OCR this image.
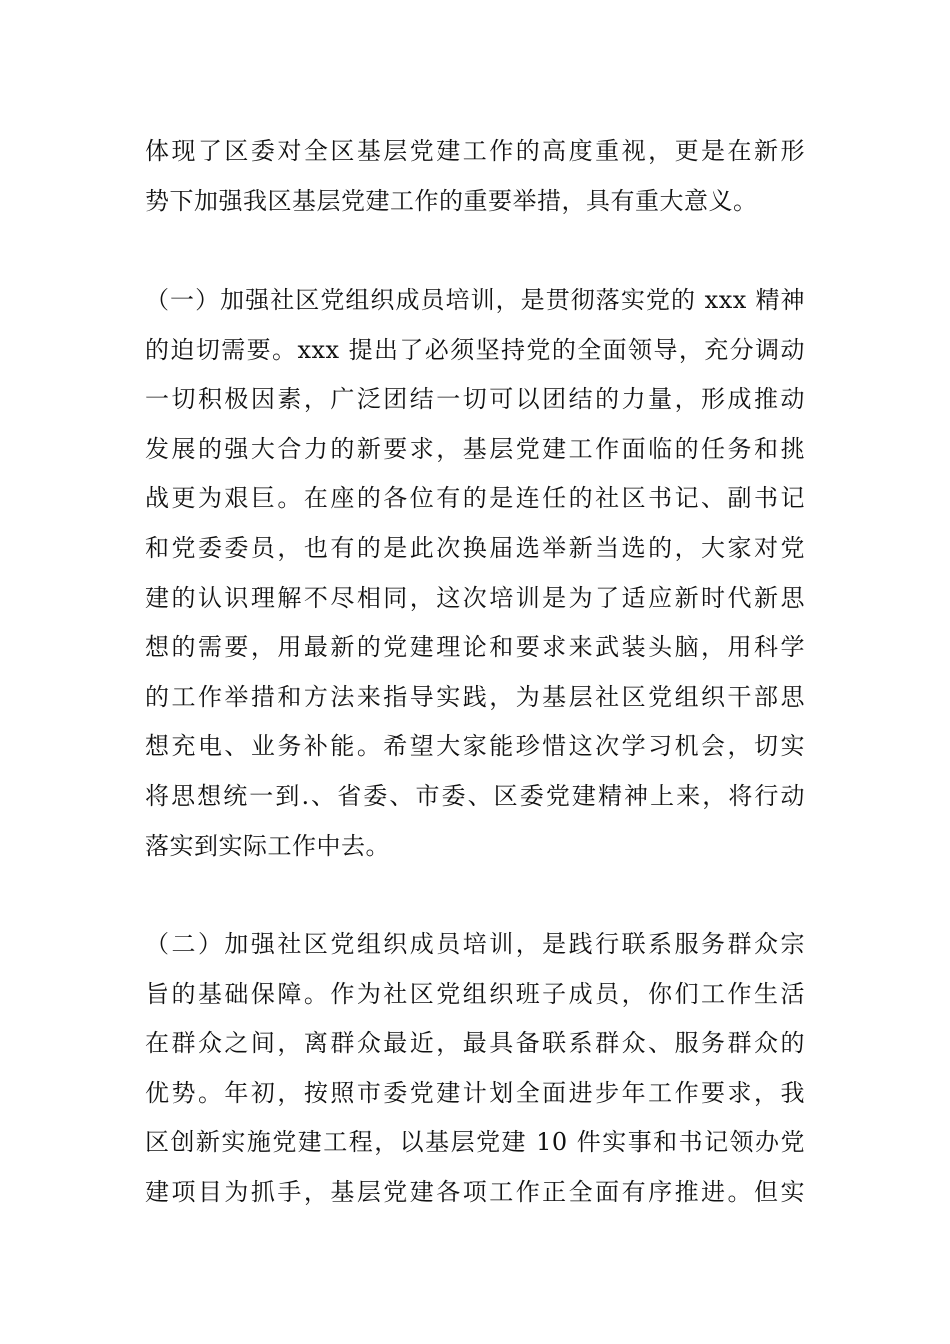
体现了区委对全区基层党建工作的高度重视，更是在新形
势下加强我区基层党建工作的重要举措，具有重大意义。
（一）加强社区党组织成员培训，是贯彻落实党的 xxx 精神
的迫切需要。xxx 提出了必须坚持党的全面领导，充分调动
一切积极因素，广泛团结一切可以团结的力量，形成推动
发展的强大合力的新要求，基层党建工作面临的任务和挑
战更为艰巨。在座的各位有的是连任的社区书记、副书记
和党委委员，也有的是此次换届选举新当选的，大家对党
建的认识理解不尽相同，这次培训是为了适应新时代新思
想的需要，用最新的党建理论和要求来武装头脑，用科学
的工作举措和方法来指导实践，为基层社区党组织干部思
想充电、业务补能。希望大家能珍惜这次学习机会，切实
将思想统一到.、省委、市委、区委党建精神上来，将行动
落实到实际工作中去。
（二）加强社区党组织成员培训，是践行联系服务群众宗
旨的基础保障。作为社区党组织班子成员，你们工作生活
在群众之间，离群众最近，最具备联系群众、服务群众的
优势。年初，按照市委党建计划全面进步年工作要求，我
区创新实施党建工程，以基层党建 10 件实事和书记领办党
建项目为抓手，基层党建各项工作正全面有序推进。但实
